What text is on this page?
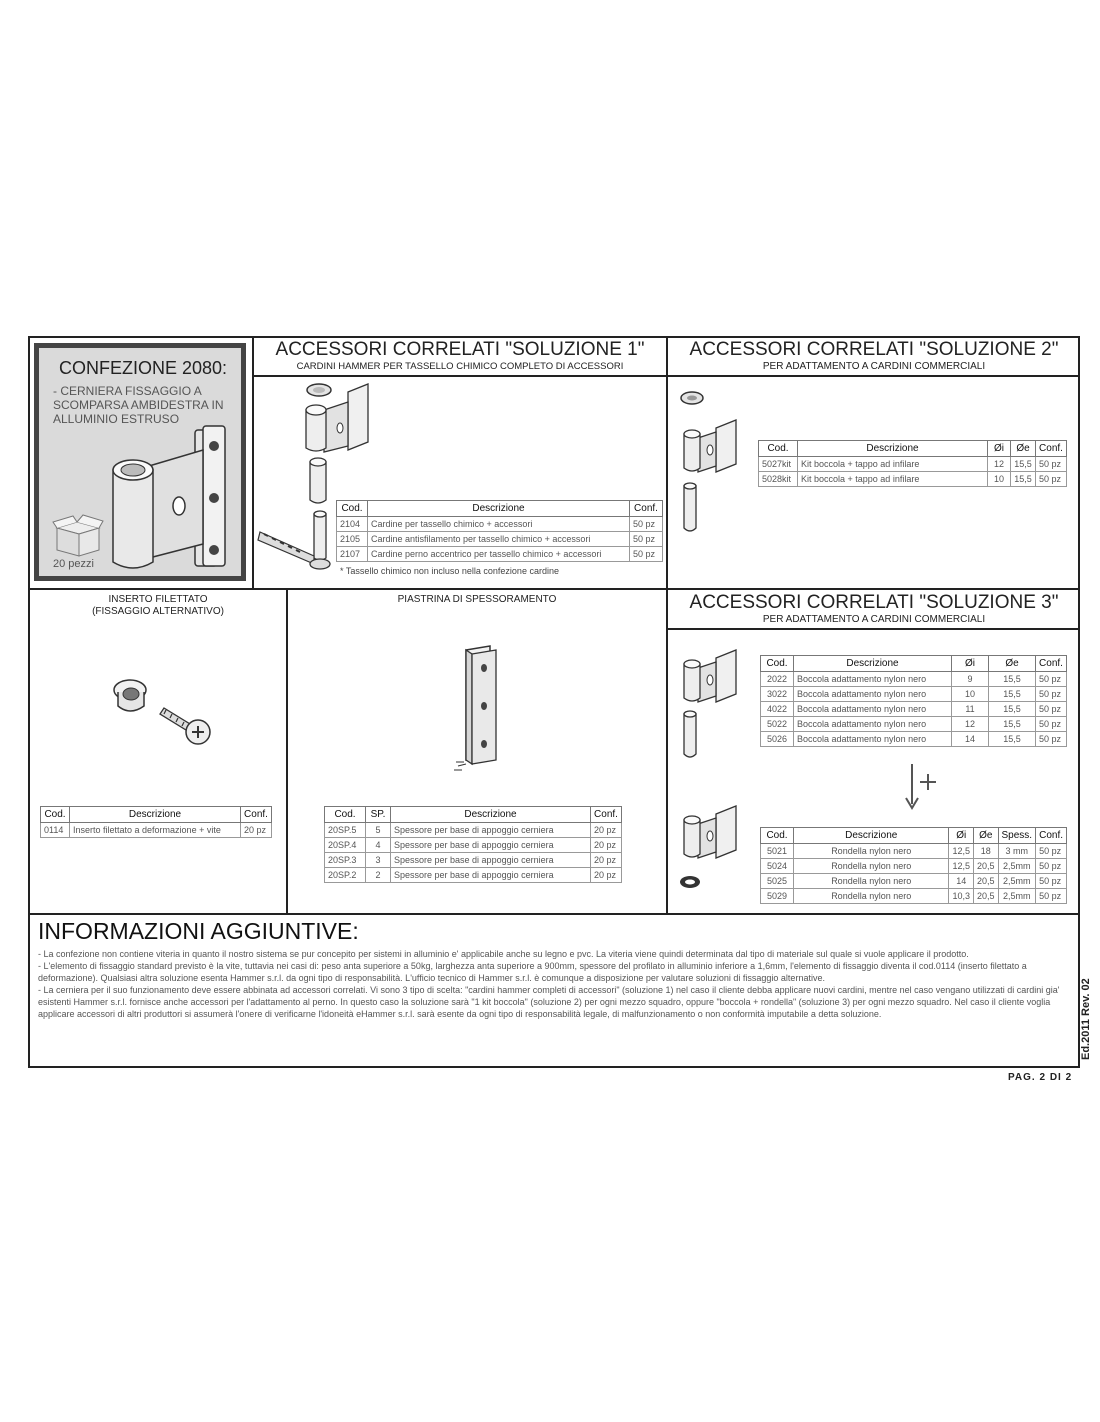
CONFEZIONE 2080:
- CERNIERA FISSAGGIO A SCOMPARSA AMBIDESTRA IN ALLUMINIO ESTRUSO
20 pezzi
ACCESSORI CORRELATI "SOLUZIONE 1"
CARDINI HAMMER PER TASSELLO CHIMICO COMPLETO DI ACCESSORI
Cod.	Descrizione	Conf.
2104	Cardine per tassello chimico + accessori	50 pz
2105	Cardine antisfilamento per tassello chimico + accessori	50 pz
2107	Cardine perno accentrico per tassello chimico + accessori	50 pz
* Tassello chimico non incluso nella confezione cardine
ACCESSORI CORRELATI "SOLUZIONE 2"
PER ADATTAMENTO A CARDINI COMMERCIALI
Cod.	Descrizione	Øi	Øe	Conf.
5027kit	Kit boccola + tappo ad infilare	12	15,5	50 pz
5028kit	Kit boccola + tappo ad infilare	10	15,5	50 pz
INSERTO FILETTATO
(FISSAGGIO ALTERNATIVO)
Cod.	Descrizione	Conf.
0114	Inserto filettato a deformazione + vite	20 pz
PIASTRINA DI SPESSORAMENTO
Cod.	SP.	Descrizione	Conf.
20SP.5	5	Spessore per base di appoggio cerniera	20 pz
20SP.4	4	Spessore per base di appoggio cerniera	20 pz
20SP.3	3	Spessore per base di appoggio cerniera	20 pz
20SP.2	2	Spessore per base di appoggio cerniera	20 pz
ACCESSORI CORRELATI "SOLUZIONE 3"
PER ADATTAMENTO A CARDINI COMMERCIALI
Cod.	Descrizione	Øi	Øe	Conf.
2022	Boccola adattamento nylon nero	9	15,5	50 pz
3022	Boccola adattamento nylon nero	10	15,5	50 pz
4022	Boccola adattamento nylon nero	11	15,5	50 pz
5022	Boccola adattamento nylon nero	12	15,5	50 pz
5026	Boccola adattamento nylon nero	14	15,5	50 pz
Cod.	Descrizione	Øi	Øe	Spess.	Conf.
5021	Rondella nylon nero	12,5	18	3 mm	50 pz
5024	Rondella nylon nero	12,5	20,5	2,5mm	50 pz
5025	Rondella nylon nero	14	20,5	2,5mm	50 pz
5029	Rondella nylon nero	10,3	20,5	2,5mm	50 pz
INFORMAZIONI AGGIUNTIVE:

- La confezione non contiene viteria in quanto il nostro sistema se pur concepito per sistemi in alluminio e' applicabile anche su legno e pvc. La viteria viene quindi determinata dal tipo di materiale sul quale si vuole applicare il prodotto.

- L'elemento di fissaggio standard previsto è la vite, tuttavia nei casi di: peso anta superiore a 50kg, larghezza anta superiore a 900mm, spessore del profilato in alluminio inferiore a 1,6mm, l'elemento di fissaggio diventa il cod.0114 (inserto filettato a deformazione). Qualsiasi altra soluzione esenta Hammer s.r.l. da ogni tipo di responsabilità. L'ufficio tecnico di Hammer s.r.l. è comunque a disposizione per valutare soluzioni di fissaggio alternative.

- La cerniera per il suo funzionamento deve essere abbinata ad accessori correlati. Vi sono 3 tipo di scelta: "cardini hammer completi di accessori" (soluzione 1) nel caso il cliente debba applicare nuovi cardini, mentre nel caso vengano utilizzati di cardini gia' esistenti Hammer s.r.l. fornisce anche accessori per l'adattamento al perno. In questo caso la soluzione sarà "1 kit boccola" (soluzione 2) per ogni mezzo squadro, oppure "boccola + rondella" (soluzione 3) per ogni mezzo squadro. Nel caso il cliente voglia applicare accessori di altri produttori si assumerà l'onere di verificarne l'idoneità eHammer s.r.l. sarà esente da ogni tipo di responsabilità legale, di malfunzionamento o non conformità imputabile a detta soluzione.	Ed.2011 Rev. 02
PAG. 2 DI 2
